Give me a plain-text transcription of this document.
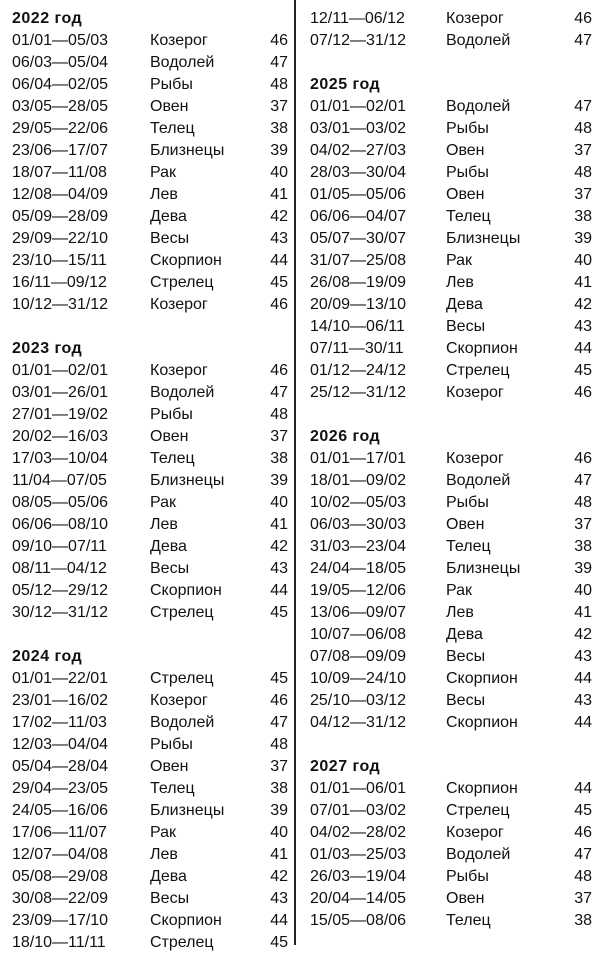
2022 год
01/01—05/03	Козерог	46
06/03—05/04	Водолей	47
06/04—02/05	Рыбы	48
03/05—28/05	Овен	37
29/05—22/06	Телец	38
23/06—17/07	Близнецы	39
18/07—11/08	Рак	40
12/08—04/09	Лев	41
05/09—28/09	Дева	42
29/09—22/10	Весы	43
23/10—15/11	Скорпион	44
16/11—09/12	Стрелец	45
10/12—31/12	Козерог	46
2023 год
01/01—02/01	Козерог	46
03/01—26/01	Водолей	47
27/01—19/02	Рыбы	48
20/02—16/03	Овен	37
17/03—10/04	Телец	38
11/04—07/05	Близнецы	39
08/05—05/06	Рак	40
06/06—08/10	Лев	41
09/10—07/11	Дева	42
08/11—04/12	Весы	43
05/12—29/12	Скорпион	44
30/12—31/12	Стрелец	45
2024 год
01/01—22/01	Стрелец	45
23/01—16/02	Козерог	46
17/02—11/03	Водолей	47
12/03—04/04	Рыбы	48
05/04—28/04	Овен	37
29/04—23/05	Телец	38
24/05—16/06	Близнецы	39
17/06—11/07	Рак	40
12/07—04/08	Лев	41
05/08—29/08	Дева	42
30/08—22/09	Весы	43
23/09—17/10	Скорпион	44
18/10—11/11	Стрелец	45
12/11—06/12	Козерог	46
07/12—31/12	Водолей	47
2025 год
01/01—02/01	Водолей	47
03/01—03/02	Рыбы	48
04/02—27/03	Овен	37
28/03—30/04	Рыбы	48
01/05—05/06	Овен	37
06/06—04/07	Телец	38
05/07—30/07	Близнецы	39
31/07—25/08	Рак	40
26/08—19/09	Лев	41
20/09—13/10	Дева	42
14/10—06/11	Весы	43
07/11—30/11	Скорпион	44
01/12—24/12	Стрелец	45
25/12—31/12	Козерог	46
2026 год
01/01—17/01	Козерог	46
18/01—09/02	Водолей	47
10/02—05/03	Рыбы	48
06/03—30/03	Овен	37
31/03—23/04	Телец	38
24/04—18/05	Близнецы	39
19/05—12/06	Рак	40
13/06—09/07	Лев	41
10/07—06/08	Дева	42
07/08—09/09	Весы	43
10/09—24/10	Скорпион	44
25/10—03/12	Весы	43
04/12—31/12	Скорпион	44
2027 год
01/01—06/01	Скорпион	44
07/01—03/02	Стрелец	45
04/02—28/02	Козерог	46
01/03—25/03	Водолей	47
26/03—19/04	Рыбы	48
20/04—14/05	Овен	37
15/05—08/06	Телец	38
